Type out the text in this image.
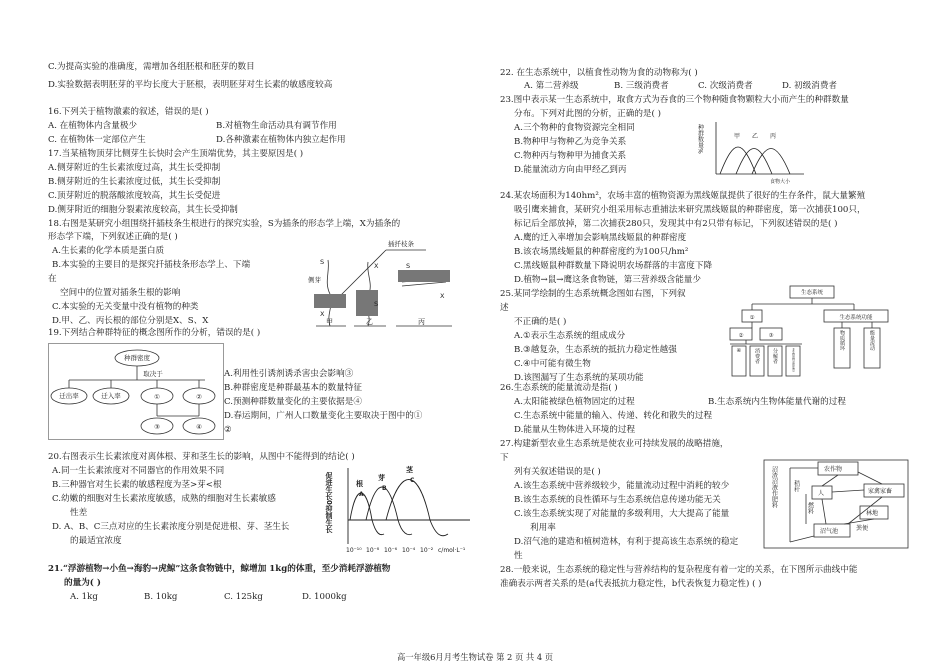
C.为提高实验的准确度，需增加各组胚根和胚芽的数目
D.实验数据表明胚芽的平均长度大于胚根，表明胚芽对生长素的敏感度较高
16.下列关于植物激素的叙述，错误的是( )
A. 在植物体内含量极少	B.对植物生命活动具有调节作用
C. 在植物体一定部位产生	D.各种激素在植物体内独立起作用
17.当某植物顶芽比侧芽生长快时会产生顶端优势，其主要原因是( )
A.侧芽附近的生长素浓度过高，其生长受抑制
B.侧芽附近的生长素浓度过低，其生长受抑制
C.顶芽附近的脱落酸浓度较高，其生长受促进
D.侧芽附近的细胞分裂素浓度较高，其生长受抑制
18.右图是某研究小组围绕扦插枝条生根进行的探究实验，S为插条的形态学上端，X为插条的
形态学下端，下列叙述正确的是( )
A.生长素的化学本质是蛋白质
B.本实验的主要目的是探究扦插枝条形态学上、下端
在
空间中的位置对插条生根的影响
C.本实验的无关变量中没有植物的种类
D.甲、乙、丙长根的部位分别是X、S、X
插扦枝条
侧芽
S
X
X
S
S
X
甲	乙	丙
19.下列结合种群特征的概念图所作的分析，错误的是( )
种群密度
取决于
迁出率	迁入率	①	②
③	④
A.利用性引诱剂诱杀害虫会影响③
B.种群密度是种群最基本的数量特征
C.预测种群数量变化的主要依据是④
D.春运期间，广州人口数量变化主要取决于图中的①
②
20.右图表示生长素浓度对离体根、芽和茎生长的影响，从图中不能得到的结论( )
A.同一生长素浓度对不同器官的作用效果不同
B.三种器官对生长素的敏感程度为茎>芽<根
C.幼嫩的细胞对生长素浓度敏感，成熟的细胞对生长素敏感
性差
D. A、B、C三点对应的生长素浓度分别是促进根、芽、茎生长
的最适宜浓度
促进生长0抑制生长	根
芽
茎
A
B
C
10⁻¹⁰ 10⁻⁸ 10⁻⁶ 10⁻⁴ 10⁻² c/mol·L⁻¹
21.“浮游植物→小鱼→海豹→虎鲸”这条食物链中，鲸增加 1kg的体重，至少消耗浮游植物
的量为( )
A. 1kg	B. 10kg	C. 125kg	D. 1000kg
22. 在生态系统中，以植食性动物为食的动物称为( )
A. 第二营养级	B. 三级消费者	C. 次级消费者	D. 初级消费者
23.图中表示某一生态系统中，取食方式为吞食的三个物种随食物颗粒大小而产生的种群数量
分布。下列对此图的分析，正确的是( )
A.三个物种的食物资源完全相同
B.物种甲与物种乙为竞争关系
C.物种丙与物种甲为捕食关系
D.能量流动方向由甲经乙到丙
种群数量%	甲 乙 丙
食物大小
24.某农场面积为140hm²，农场丰富的植物资源为黑线姬鼠提供了很好的生存条件，鼠大量繁殖
吸引鹰来捕食，某研究小组采用标志重捕法来研究黑线姬鼠的种群密度，第一次捕获100只，
标记后全部放掉，第二次捕获280只，发现其中有2只带有标记，下列叙述错误的是( )
A.鹰的迁入率增加会影响黑线姬鼠的种群密度
B.该农场黑线姬鼠的种群密度约为100只/hm²
C.黑线姬鼠种群数量下降说明农场群落的丰富度下降
D.植物→鼠→鹰这条食物链，第三营养级含能量少
25.某同学绘制的生态系统概念图如右图，下列叙
述
不正确的是( )
A.①表示生态系统的组成成分
B.③越复杂，生态系统的抵抗力稳定性越强
C.④中可能有微生物
D.该图漏写了生态系统的某项功能
生态系统
①	生态系统功能
②	③
④ 消费者 分解者	非生物的物质和能量
物质循环	能量流动
26.生态系统的能量流动是指( )
A.太阳能被绿色植物固定的过程	B.生态系统内生物体能量代谢的过程
C.生态系统中能量的输入、传递、转化和散失的过程
D.能量从生物体进入环境的过程
27.构建新型农业生态系统是使农业可持续发展的战略措施，
下
列有关叙述错误的是( )
A.该生态系统中营养级较少，能量流动过程中消耗的较少
B.该生态系统的良性循环与生态系统信息传递功能无关
C.该生态系统实现了对能量的多级利用，大大提高了能量
利用率
D.沼气池的建造和植树造林，有利于提高该生态系统的稳定
性
农作物
人	家禽家畜
沼气池
林地
粪便
秸秆
燃料
沼渣沼液作肥料
28.一般来说，生态系统的稳定性与营养结构的复杂程度有着一定的关系，在下图所示曲线中能
准确表示两者关系的是(a代表抵抗力稳定性，b代表恢复力稳定性) ( )
高一年级6月月考生物试卷 第 2 页 共 4 页
